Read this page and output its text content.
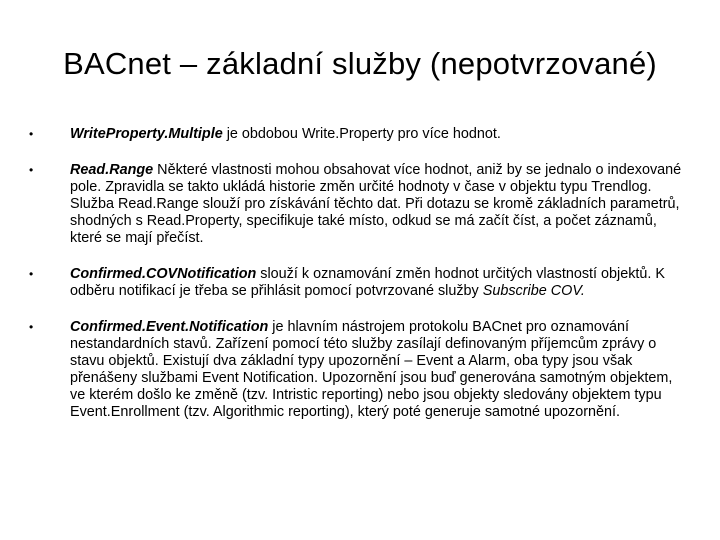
BACnet – základní služby (nepotvrzované)
•	WriteProperty.Multiple je obdobou Write.Property pro více hodnot.
•	Read.Range Některé vlastnosti mohou obsahovat více hodnot, aniž by se jednalo o indexované pole. Zpravidla se takto ukládá historie změn určité hodnoty v čase v objektu typu Trendlog. Služba Read.Range slouží pro získávání těchto dat. Při dotazu se kromě základních parametrů, shodných s Read.Property, specifikuje také místo, odkud se má začít číst, a počet záznamů, které se mají přečíst.
•	Confirmed.COVNotification slouží k oznamování změn hodnot určitých vlastností objektů. K odběru notifikací je třeba se přihlásit pomocí potvrzované služby Subscribe COV.
•	Confirmed.Event.Notification je hlavním nástrojem protokolu BACnet pro oznamování nestandardních stavů. Zařízení pomocí této služby zasílají definovaným příjemcům zprávy o stavu objektů. Existují dva základní typy upozornění – Event a Alarm, oba typy jsou však přenášeny službami Event Notification. Upozornění jsou buď generována samotným objektem, ve kterém došlo ke změně (tzv. Intristic reporting) nebo jsou objekty sledovány objektem typu Event.Enrollment (tzv. Algorithmic reporting), který poté generuje samotné upozornění.
